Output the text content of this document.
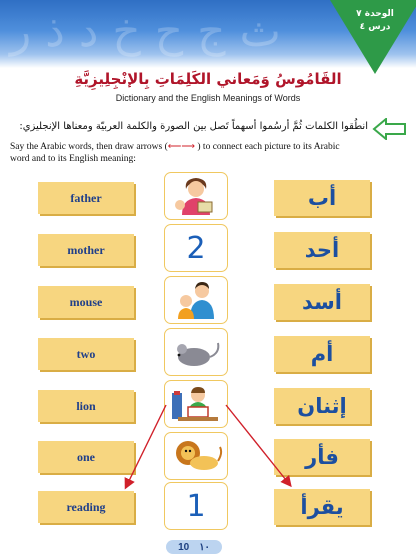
ث ج ح خ د ذ ر	الوحدة ٧
درس ٤
القَامُوسُ وَمَعاني الكَلِمَاتِ بِالإنْجِلِيزِيَّةِ
Dictionary and the English Meanings of Words
انطُقوا الكلمات ثُمَّ أرسُموا أسهماً تَصل بين الصورة والكلمة العربيّة ومعناها الإنجليزي:
Say the Arabic words, then draw arrows (⟵⟶ ) to connect each picture to its Arabic word and to its English meaning:
father
mother
mouse
two
lion
one
reading
أب
أحد
أسد
أم
إثنان
فأر
يقرأ
2
1
10 ١٠
